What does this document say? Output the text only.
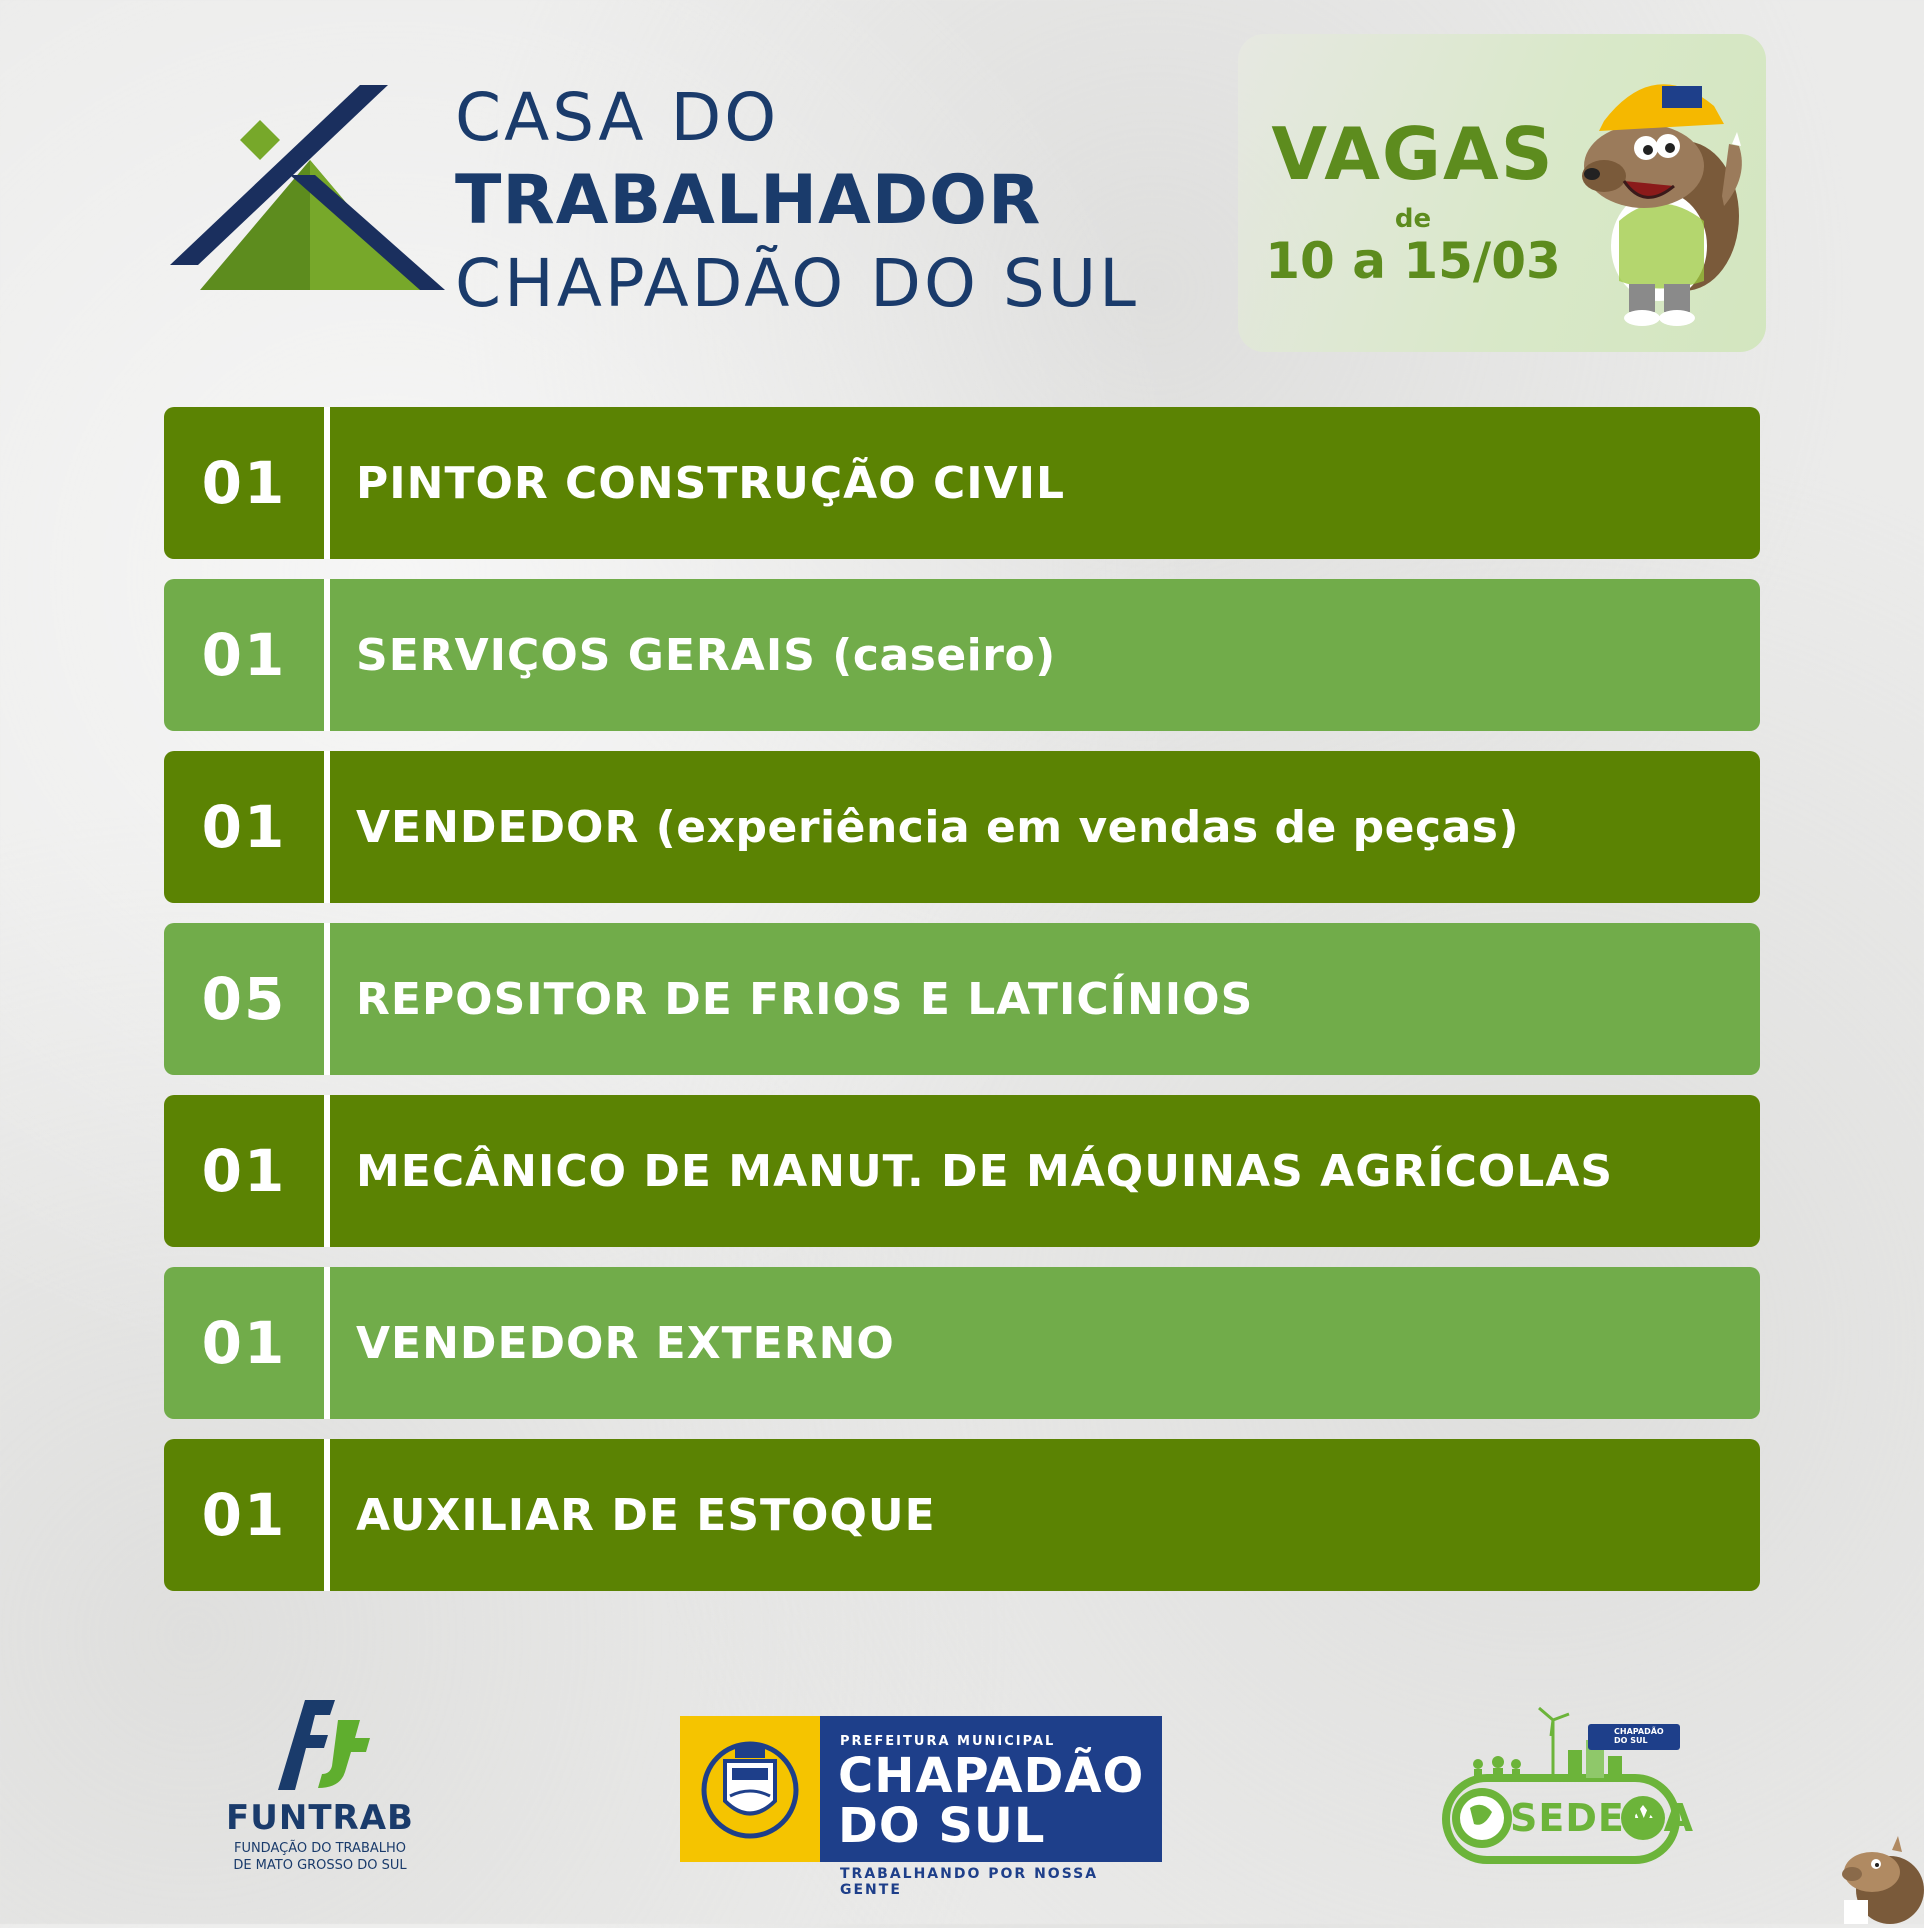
CASA DO
TRABALHADOR
CHAPADÃO DO SUL
VAGAS
de
10 a 15/03
01	PINTOR CONSTRUÇÃO CIVIL
01	SERVIÇOS GERAIS (caseiro)
01	VENDEDOR (experiência em vendas de peças)
05	REPOSITOR DE FRIOS E LATICÍNIOS
01	MECÂNICO DE MANUT. DE MÁQUINAS AGRÍCOLAS
01	VENDEDOR EXTERNO
01	AUXILIAR DE ESTOQUE
FUNTRAB
FUNDAÇÃO DO TRABALHO
DE MATO GROSSO DO SUL
PREFEITURA MUNICIPAL
CHAPADÃO
DO SUL
TRABALHANDO POR NOSSA GENTE
CHAPADÃO DO SUL
SEDEMA
